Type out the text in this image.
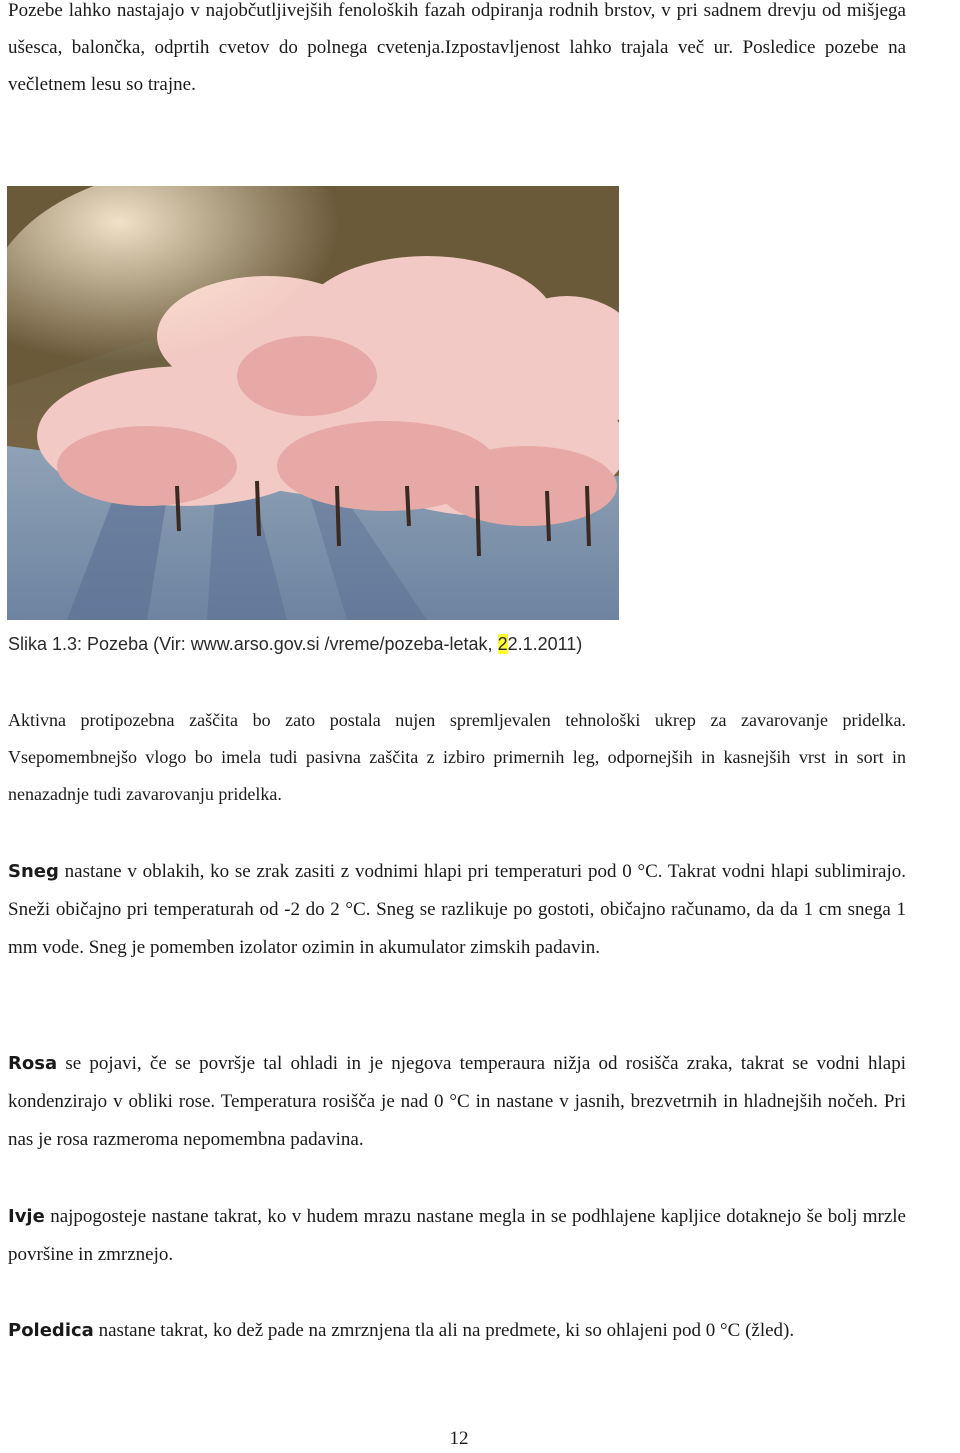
Pozebe lahko nastajajo v najobčutljivejših fenoloških fazah odpiranja rodnih brstov, v pri sadnem drevju od mišjega ušesca, balončka, odprtih cvetov do polnega cvetenja.Izpostavljenost lahko trajala več ur. Posledice pozebe na večletnem lesu so trajne.

Slika 1.3: Pozeba (Vir: www.arso.gov.si /vreme/pozeba-letak, 22.1.2011)

Aktivna protipozebna zaščita bo zato postala nujen spremljevalen tehnološki ukrep za zavarovanje pridelka. Vsepomembnejšo vlogo bo imela tudi pasivna zaščita z izbiro primernih leg, odpornejših in kasnejših vrst in sort in nenazadnje tudi zavarovanju pridelka.

Sneg nastane v oblakih, ko se zrak zasiti z vodnimi hlapi pri temperaturi pod 0 °C. Takrat vodni hlapi sublimirajo. Sneži običajno pri temperaturah od -2 do 2 °C. Sneg se razlikuje po gostoti, običajno računamo, da da 1 cm snega 1 mm vode. Sneg je pomemben izolator ozimin in akumulator zimskih padavin.

Rosa se pojavi, če se površje tal ohladi in je njegova temperaura nižja od rosišča zraka, takrat se vodni hlapi kondenzirajo v obliki rose. Temperatura rosišča je nad 0 °C in nastane v jasnih, brezvetrnih in hladnejših nočeh. Pri nas je rosa razmeroma nepomembna padavina.

Ivje najpogosteje nastane takrat, ko v hudem mrazu nastane megla in se podhlajene kapljice dotaknejo še bolj mrzle površine in zmrznejo.

Poledica nastane takrat, ko dež pade na zmrznjena tla ali na predmete, ki so ohlajeni pod 0 °C (žled).

12
